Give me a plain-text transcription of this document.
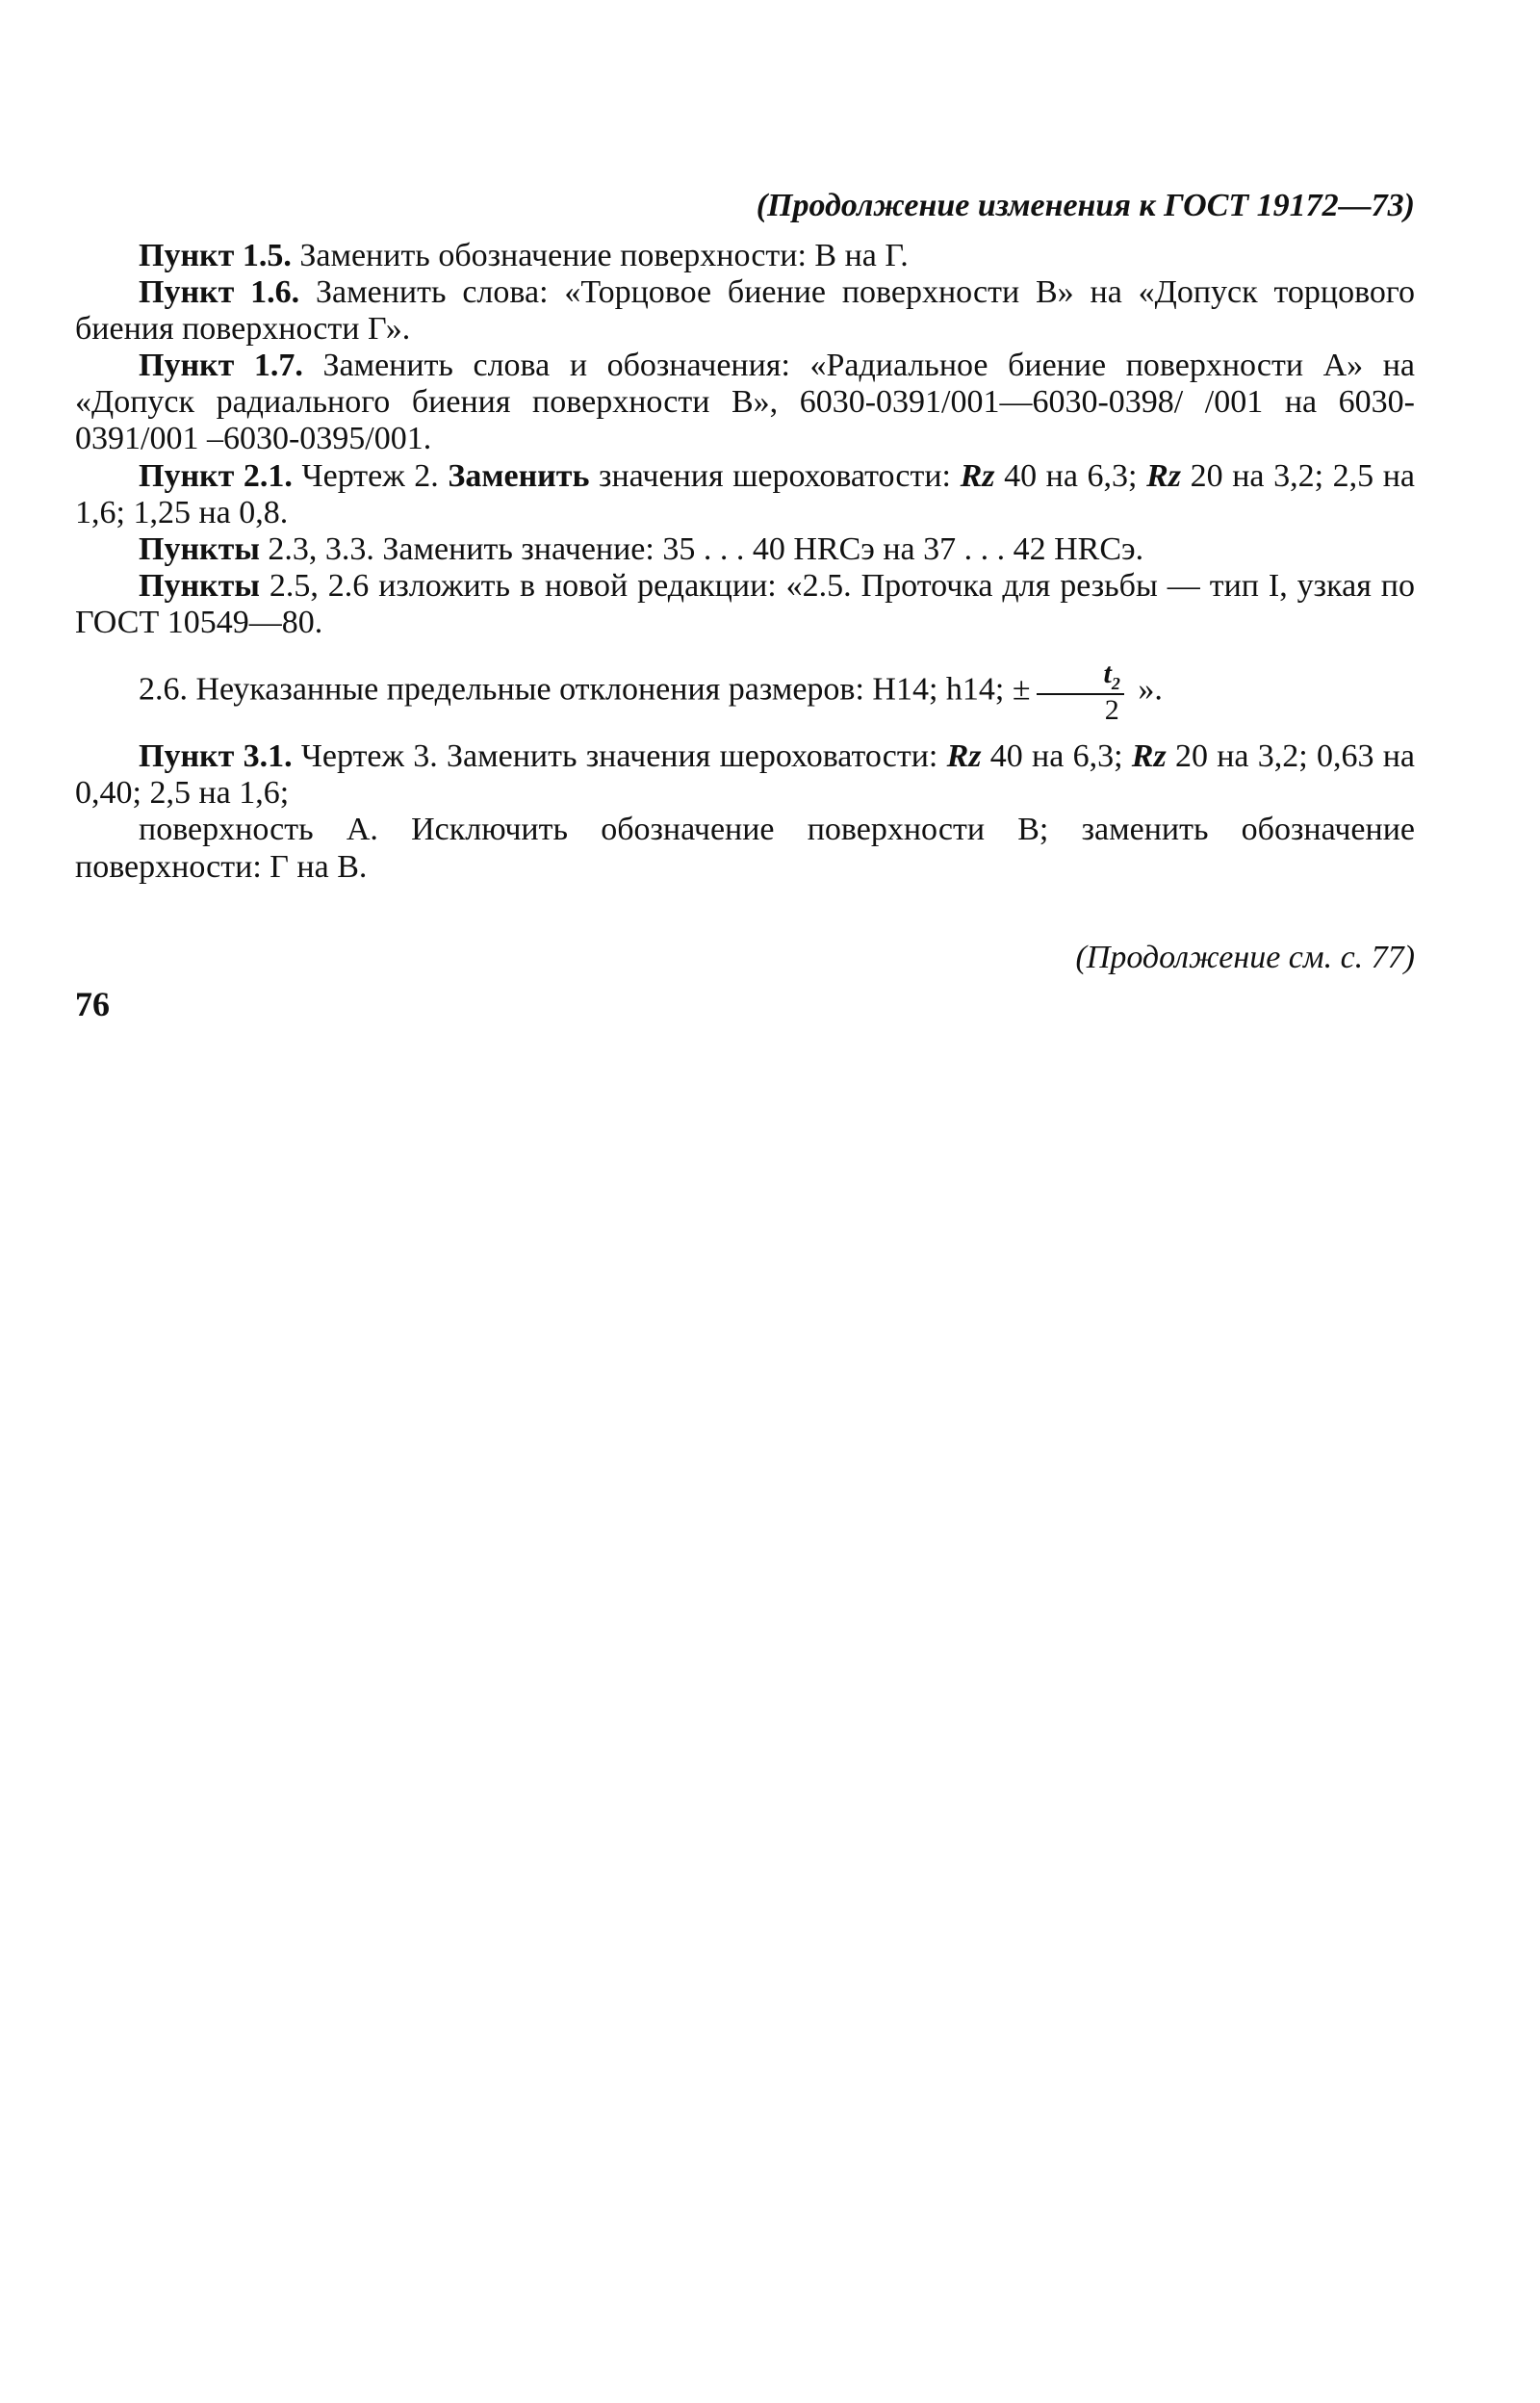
(Продолжение изменения к ГОСТ 19172—73)

Пункт 1.5. Заменить обозначение поверхности: В на Г.

Пункт 1.6. Заменить слова: «Торцовое биение поверхности В» на «Допуск торцового биения поверхности Г».

Пункт 1.7. Заменить слова и обозначения: «Радиальное биение поверхности А» на «Допуск радиального биения поверхности В», 6030-0391/001—6030-0398/ /001 на 6030-0391/001 –6030-0395/001.

Пункт 2.1. Чертеж 2. Заменить значения шероховатости: Rz 40 на 6,3; Rz 20 на 3,2; 2,5 на 1,6; 1,25 на 0,8.

Пункты 2.3, 3.3. Заменить значение: 35 . . . 40 HRCэ на 37 . . . 42 HRCэ.

Пункты 2.5, 2.6 изложить в новой редакции: «2.5. Проточка для резьбы — тип I, узкая по ГОСТ 10549—80.

2.6. Неуказанные предельные отклонения размеров: H14; h14; ± $\frac{t_2}{2}$ ».

Пункт 3.1. Чертеж 3. Заменить значения шероховатости: Rz 40 на 6,3; Rz 20 на 3,2; 0,63 на 0,40; 2,5 на 1,6;

поверхность А. Исключить обозначение поверхности В; заменить обозначение поверхности: Г на В.

(Продолжение см. с. 77)
76
